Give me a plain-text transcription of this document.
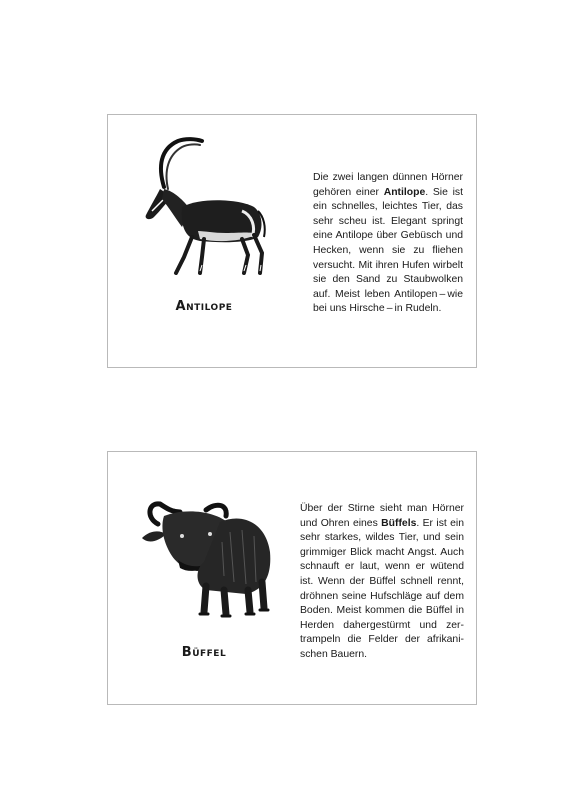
Antilope
Die zwei langen dünnen Hörner gehören einer Antilope. Sie ist ein schnelles, leichtes Tier, das sehr scheu ist. Elegant springt eine Antilope über Gebüsch und Hecken, wenn sie zu fliehen versucht. Mit ihren Hufen wirbelt sie den Sand zu Staubwolken auf. Meist leben Antilopen – wie bei uns Hirsche – in Rudeln.
Büffel
Über der Stirne sieht man Hörner und Ohren eines Büffels. Er ist ein sehr starkes, wildes Tier, und sein grimmiger Blick macht Angst. Auch schnauft er laut, wenn er wütend ist. Wenn der Büffel schnell rennt, dröhnen seine Hufschläge auf dem Boden. Meist kommen die Büffel in Herden dahergestürmt und zertrampeln die Felder der afrikanischen Bauern.
